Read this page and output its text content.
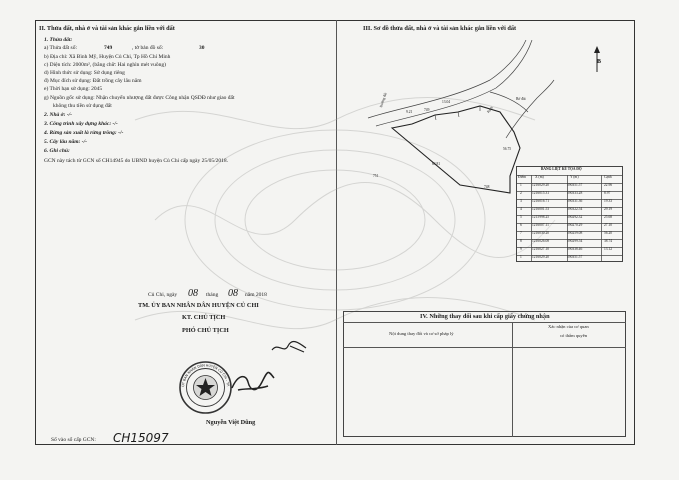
II. Thửa đất, nhà ở và tài sản khác gắn liền với đất
1. Thửa đất:
a) Thửa đất số:	749	, tờ bản đồ số:	30
b) Địa chỉ: Xã Bình Mỹ, Huyện Củ Chi, Tp Hồ Chí Minh
c) Diện tích: 2000m², (bằng chữ: Hai nghìn mét vuông)
d) Hình thức sử dụng: Sử dụng riêng
đ) Mục đích sử dụng: Đất trồng cây lâu năm
e) Thời hạn sử dụng: 2045
g) Nguồn gốc sử dụng: Nhận chuyển nhượng đất được Công nhận QSDĐ như giao đất
không thu tiền sử dụng đất
2. Nhà ở: -/-
3. Công trình xây dựng khác: -/-
4. Rừng sản xuất là rừng trồng: -/-
5. Cây lâu năm: -/-
6. Ghi chú:
GCN này tách từ GCN số CH14945 do UBND huyện Củ Chi cấp ngày 25/05/2018.
Củ Chi, ngày 08 tháng 08 năm 2018
TM. ỦY BAN NHÂN DÂN HUYỆN CỦ CHI
KT. CHỦ TỊCH
PHÓ CHỦ TỊCH
ỦY BAN NHÂN DÂN HUYỆN CỦ CHI - TP.
Nguyễn Việt Dũng
Số vào sổ cấp GCN: CH15097
III. Sơ đồ thửa đất, nhà ở và tài sản khác gắn liền với đất
B
749
751
748
Đường đất
Rạch
Bờ đất
13.04
9.21
56.75
64.81
BẢNG LIỆT KÊ TỌA ĐỘ
Điểm	X (m)	Y (m)	Cạnh
1	1216029.20	590351.57	22.96
2	1216015.31	590333.28	8.97
3	1216016.71	590331.36	19.33
4	1216001.53	590322.54	29.19
5	1215998.25	590292.32	25.68
6	1216007.11	590270.29	27.10
7	1216030.20	590259.08	56.20
8	1216026.08	590299.54	38.74
9	1216027.10	590338.46	13.12
1	1216029.20	590351.57
IV. Những thay đổi sau khi cấp giấy chứng nhận
Nội dung thay đổi và cơ sở pháp lý
Xác nhận của cơ quan
có thẩm quyền
